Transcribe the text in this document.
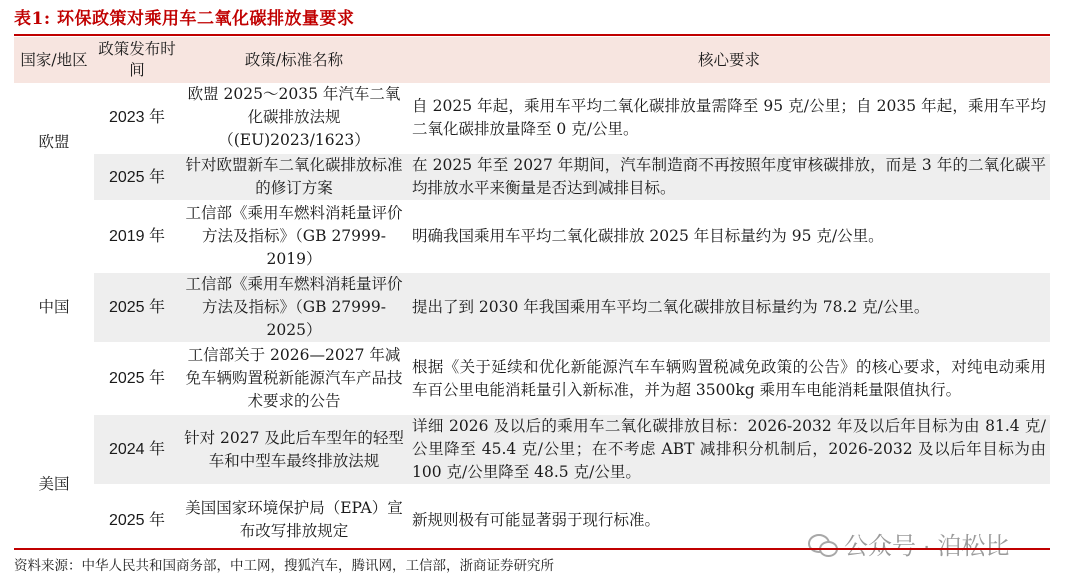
表1: 环保政策对乘用车二氧化碳排放量要求
国家/地区	政策发布时间	政策/标准名称	核心要求
欧盟	2023 年	欧盟 2025～2035 年汽车二氧化碳排放法规（(EU)2023/1623）	自 2025 年起，乘用车平均二氧化碳排放量需降至 95 克/公里；自 2035 年起，乘用车平均二氧化碳排放量降至 0 克/公里。
	2025 年	针对欧盟新车二氧化碳排放标准的修订方案	在 2025 年至 2027 年期间，汽车制造商不再按照年度审核碳排放，而是 3 年的二氧化碳平均排放水平来衡量是否达到减排目标。
中国	2019 年	工信部《乘用车燃料消耗量评价方法及指标》（GB 27999-2019）	明确我国乘用车平均二氧化碳排放 2025 年目标量约为 95 克/公里。
	2025 年	工信部《乘用车燃料消耗量评价方法及指标》（GB 27999-2025）	提出了到 2030 年我国乘用车平均二氧化碳排放目标量约为 78.2 克/公里。
	2025 年	工信部关于 2026—2027 年减免车辆购置税新能源汽车产品技术要求的公告	根据《关于延续和优化新能源汽车车辆购置税减免政策的公告》的核心要求，对纯电动乘用车百公里电能消耗量引入新标准，并为超 3500kg 乘用车电能消耗量限值执行。
美国	2024 年	针对 2027 及此后车型年的轻型车和中型车最终排放法规	详细 2026 及以后的乘用车二氧化碳排放目标：2026-2032 年及以后年目标为由 81.4 克/公里降至 45.4 克/公里；在不考虑 ABT 减排积分机制后，2026-2032 及以后年目标为由 100 克/公里降至 48.5 克/公里。
	2025 年	美国国家环境保护局（EPA）宣布改写排放规定	新规则极有可能显著弱于现行标准。
公众号 · 泊松比
资料来源：中华人民共和国商务部，中工网，搜狐汽车，腾讯网，工信部，浙商证券研究所
